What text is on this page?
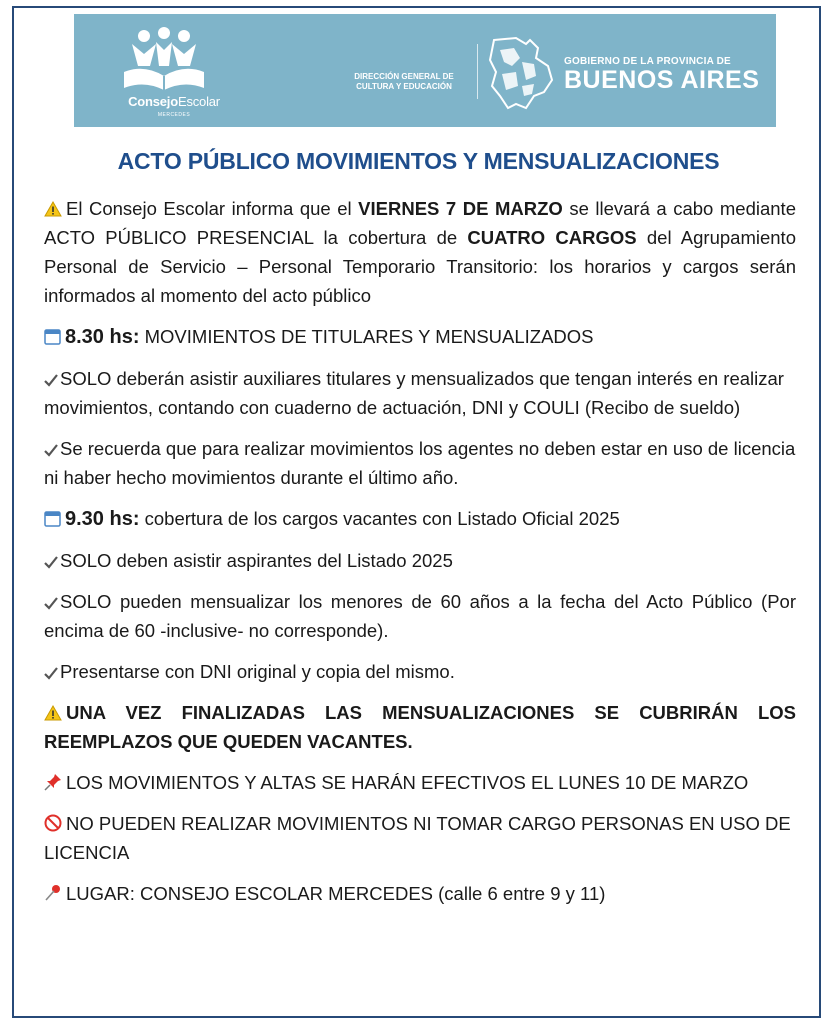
ConsejoEscolar
MERCEDES
DIRECCIÓN GENERAL DE
CULTURA Y EDUCACIÓN
GOBIERNO DE LA PROVINCIA DE
BUENOS AIRES
ACTO PÚBLICO MOVIMIENTOS Y MENSUALIZACIONES

El Consejo Escolar informa que el VIERNES 7 DE MARZO se llevará a cabo mediante ACTO PÚBLICO PRESENCIAL la cobertura de CUATRO CARGOS del Agrupamiento Personal de Servicio – Personal Temporario Transitorio: los horarios y cargos serán informados al momento del acto público

8.30 hs: MOVIMIENTOS DE TITULARES Y MENSUALIZADOS

SOLO deberán asistir auxiliares titulares y mensualizados que tengan interés en realizar movimientos, contando con cuaderno de actuación, DNI y COULI (Recibo de sueldo)

Se recuerda que para realizar movimientos los agentes no deben estar en uso de licencia ni haber hecho movimientos durante el último año.

9.30 hs: cobertura de los cargos vacantes con Listado Oficial 2025

SOLO deben asistir aspirantes del Listado 2025

SOLO pueden mensualizar los menores de 60 años a la fecha del Acto Público (Por encima de 60 -inclusive- no corresponde).

Presentarse con DNI original y copia del mismo.

UNA VEZ FINALIZADAS LAS MENSUALIZACIONES SE CUBRIRÁN LOS REEMPLAZOS QUE QUEDEN VACANTES.

LOS MOVIMIENTOS Y ALTAS SE HARÁN EFECTIVOS EL LUNES 10 DE MARZO

NO PUEDEN REALIZAR MOVIMIENTOS NI TOMAR CARGO PERSONAS EN USO DE LICENCIA

LUGAR: CONSEJO ESCOLAR MERCEDES (calle 6 entre 9 y 11)
